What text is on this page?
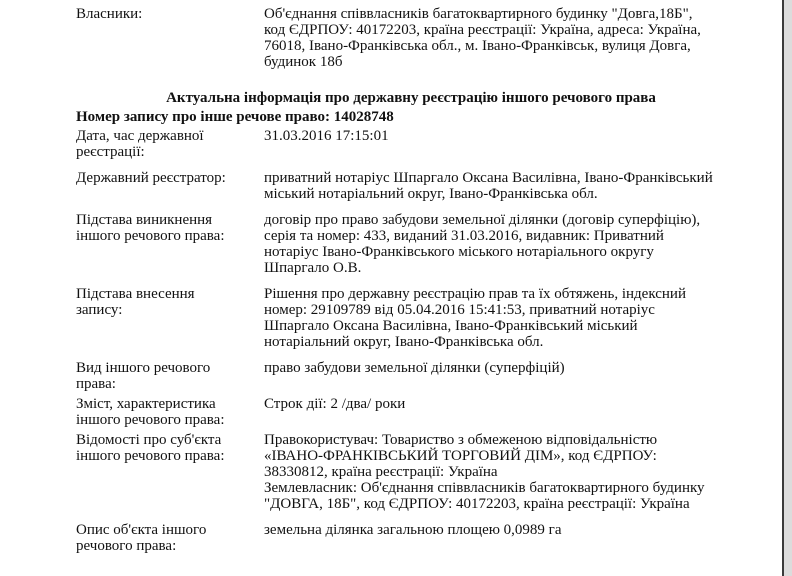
Власники:	Об'єднання співвласників багатоквартирного будинку "Довга,18Б",
код ЄДРПОУ: 40172203, країна реєстрації: Україна, адреса: Україна,
76018, Івано-Франківська обл., м. Івано-Франківськ, вулиця Довга,
будинок 18б
Актуальна інформація про державну реєстрацію іншого речового права
Номер запису про інше речове право: 14028748
Дата, час державної
реєстрації:
31.03.2016 17:15:01
Державний реєстратор:	приватний нотаріус Шпаргало Оксана Василівна, Івано-Франківський
міський нотаріальний округ, Івано-Франківська обл.
Підстава виникнення
іншого речового права:
договір про право забудови земельної ділянки (договір суперфіцію),
серія та номер: 433, виданий 31.03.2016, видавник: Приватний
нотаріус Івано-Франківського міського нотаріального округу
Шпаргало О.В.
Підстава внесення
запису:
Рішення про державну реєстрацію прав та їх обтяжень, індексний
номер: 29109789 від 05.04.2016 15:41:53, приватний нотаріус
Шпаргало Оксана Василівна, Івано-Франківський міський
нотаріальний округ, Івано-Франківська обл.
Вид іншого речового
права:
право забудови земельної ділянки (суперфіцій)
Зміст, характеристика
іншого речового права:
Строк дії: 2 /два/ роки
Відомості про суб'єкта
іншого речового права:
Правокористувач: Товариство з обмеженою відповідальністю
«ІВАНО-ФРАНКІВСЬКИЙ ТОРГОВИЙ ДІМ», код ЄДРПОУ:
38330812, країна реєстрації: Україна
Землевласник: Об'єднання співвласників багатоквартирного будинку
"ДОВГА, 18Б", код ЄДРПОУ: 40172203, країна реєстрації: Україна
Опис об'єкта іншого
речового права:
земельна ділянка загальною площею 0,0989 га
